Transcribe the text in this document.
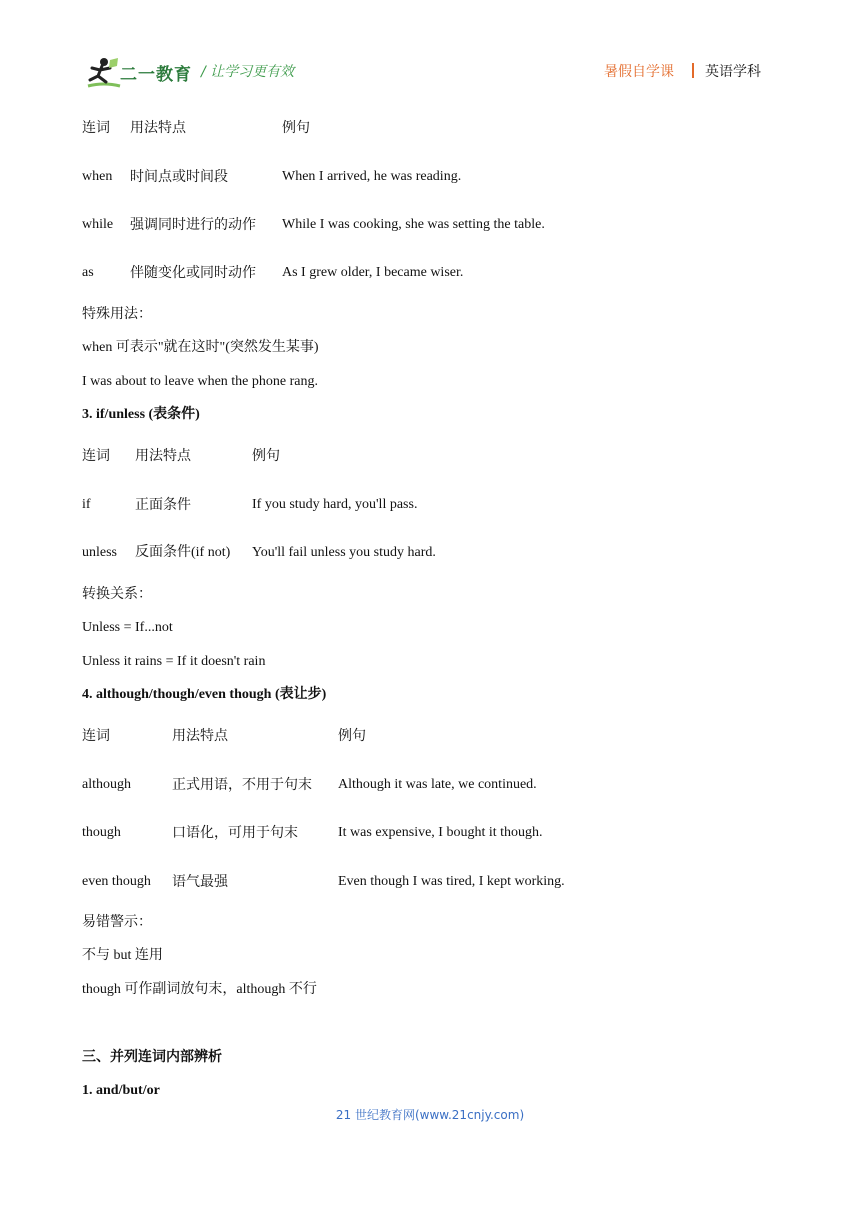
二一教育 / 让学习更有效	暑假自学课 英语学科
连词 用法特点	例句
when 时间点或时间段	When I arrived, he was reading.
while 强调同时进行的动作 While I was cooking, she was setting the table.
as	伴随变化或同时动作 As I grew older, I became wiser.
特殊用法：
when 可表示"就在这时"(突然发生某事)
I was about to leave when the phone rang.
3. if/unless (表条件)
连词 用法特点	例句
if	正面条件	If you study hard, you'll pass.
unless 反面条件(if not) You'll fail unless you study hard.
转换关系：
Unless = If...not
Unless it rains = If it doesn't rain
4. although/though/even though (表让步)
连词	用法特点	例句
although	正式用语，不用于句末 Although it was late, we continued.
though	口语化，可用于句末	It was expensive, I bought it though.
even though 语气最强	Even though I was tired, I kept working.
易错警示：
不与 but 连用
though 可作副词放句末，although 不行
三、并列连词内部辨析
1. and/but/or
21 世纪教育网(www.21cnjy.com)
